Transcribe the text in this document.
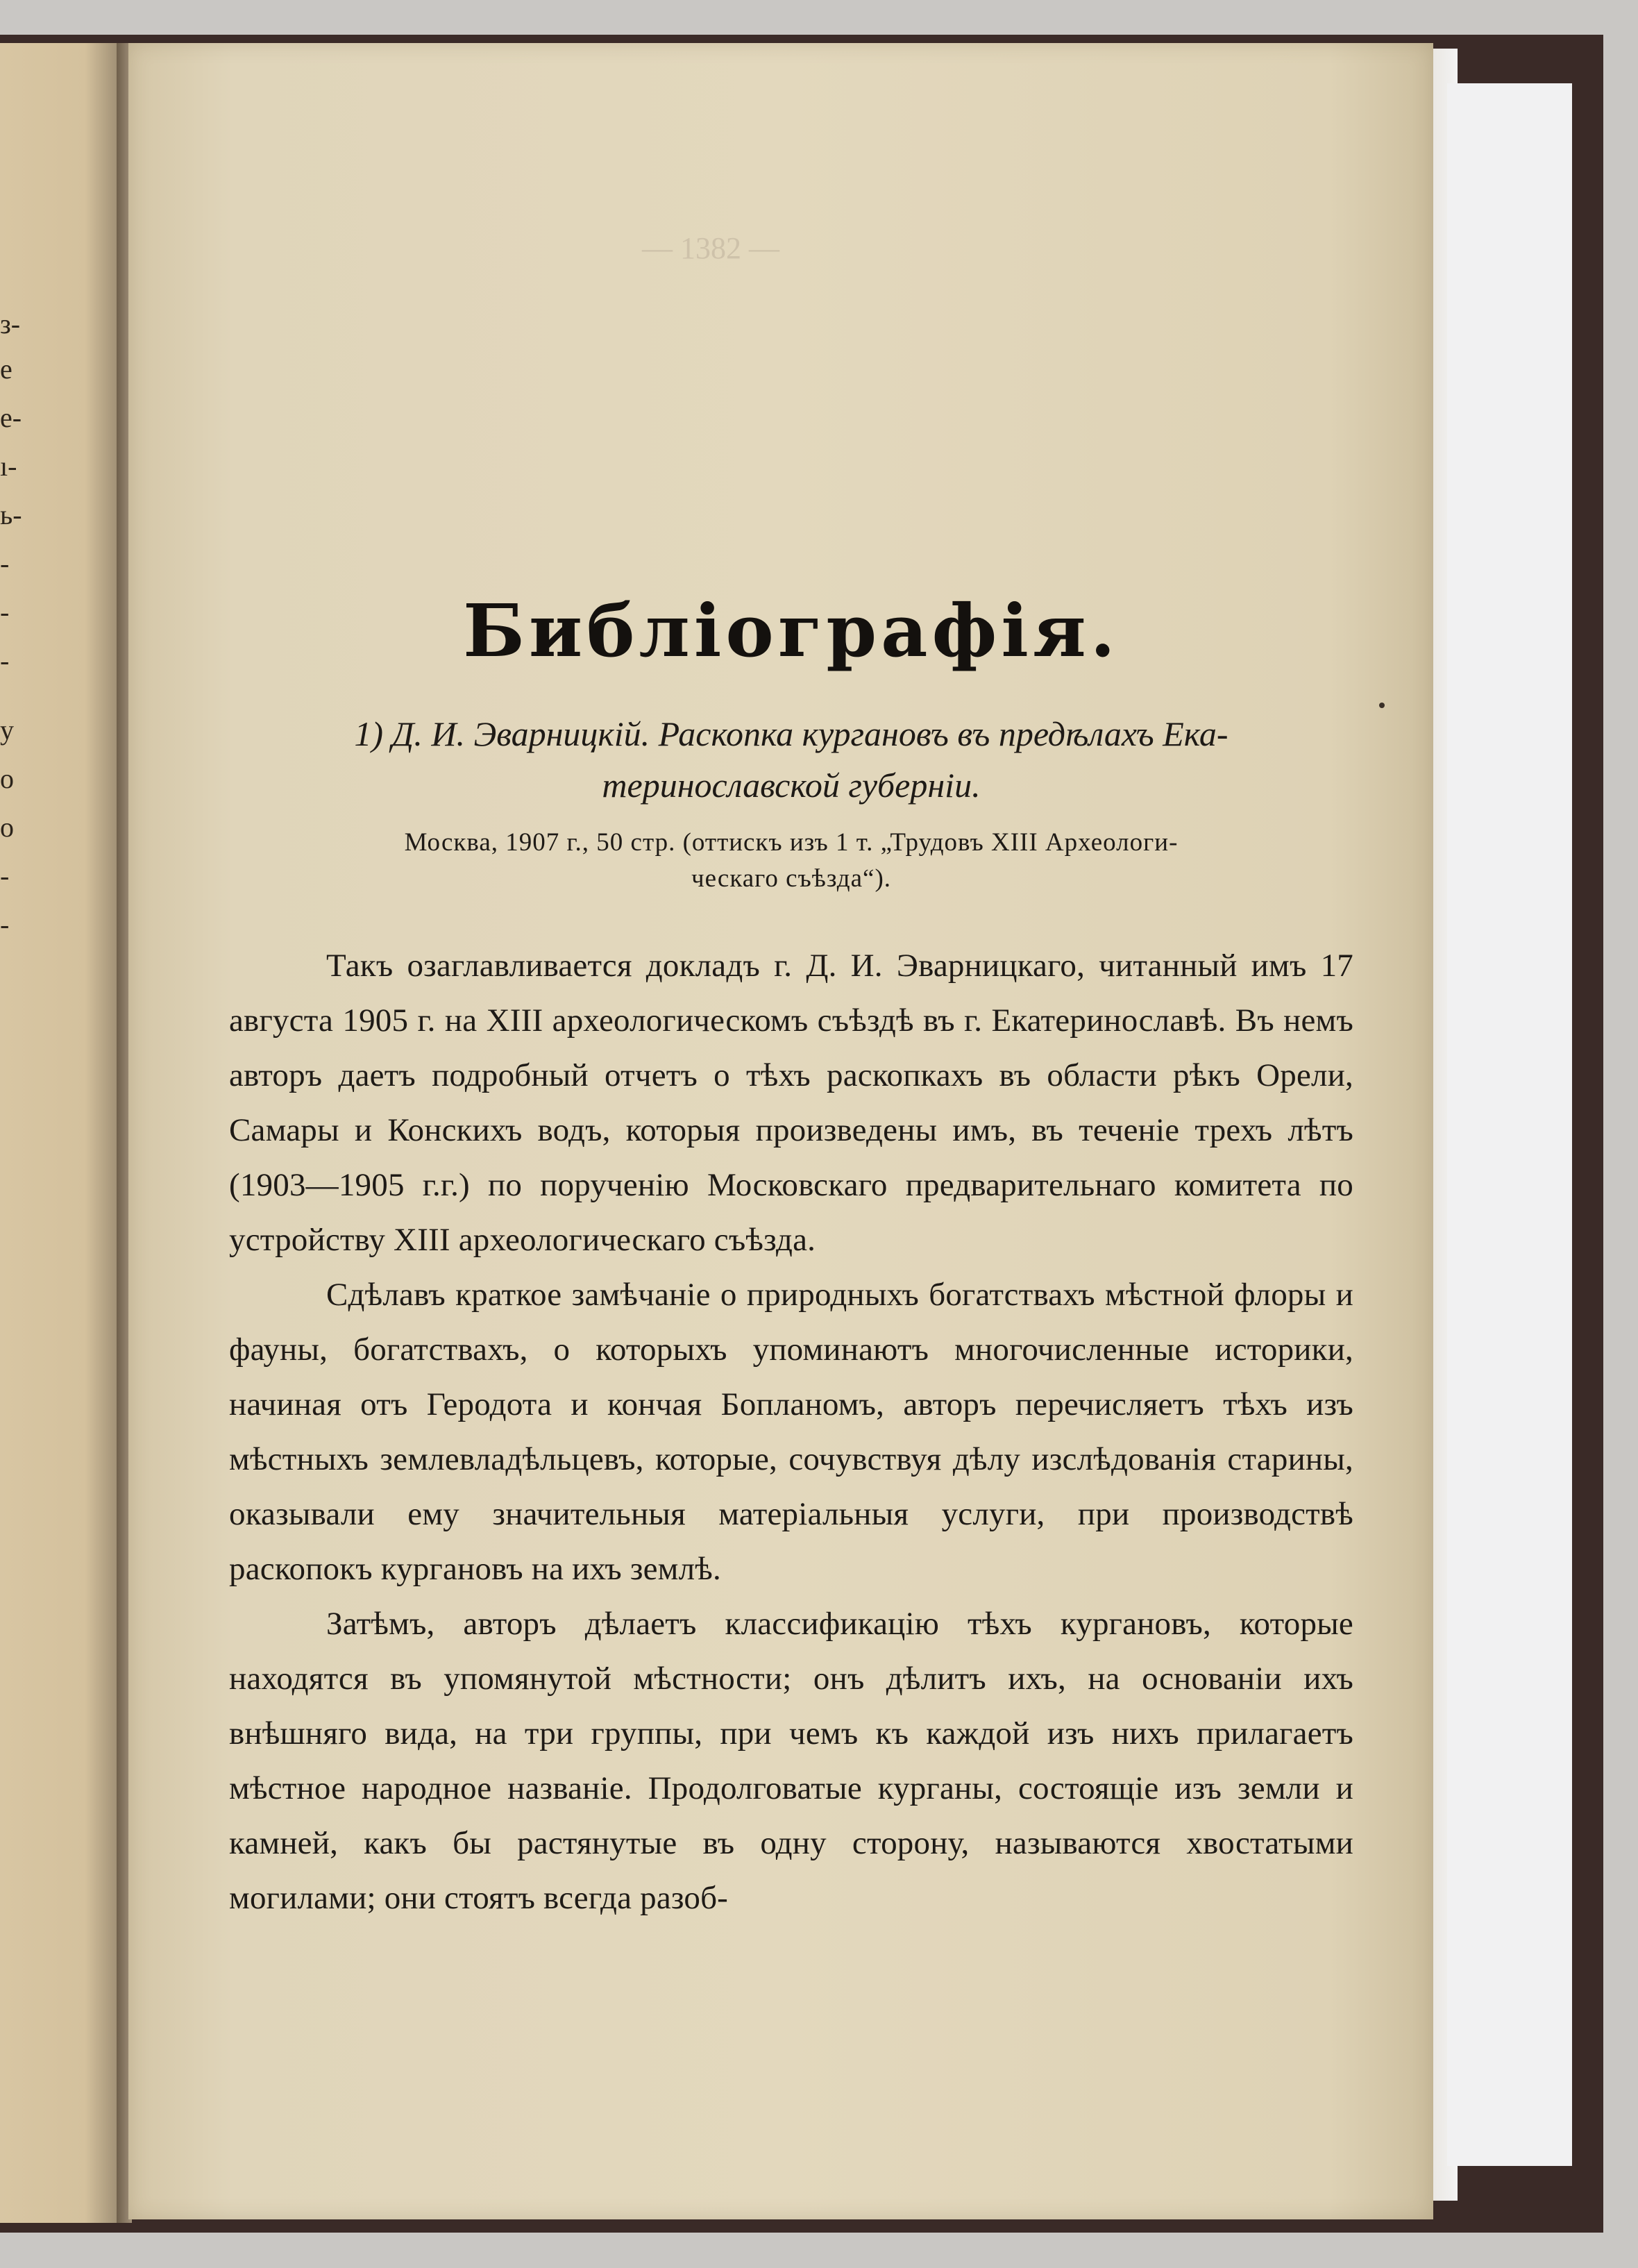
з-
е
е-
ı-
ь-
-
-
-
у
о
о
-
-
— 1382 —
Библіографія.
1) Д. И. Эварницкій. Раскопка кургановъ въ предѣлахъ Ека-
теринославской губерніи.
Москва, 1907 г., 50 стр. (оттискъ изъ 1 т. „Трудовъ XIII Археологи-
ческаго съѣзда“).

Такъ озаглавливается докладъ г. Д. И. Эварницкаго, читанный имъ 17 августа 1905 г. на XIII археологическомъ съѣздѣ въ г. Екатеринославѣ. Въ немъ авторъ даетъ подробный отчетъ о тѣхъ раскопкахъ въ области рѣкъ Орели, Самары и Конскихъ водъ, которыя произведены имъ, въ теченіе трехъ лѣтъ (1903—1905 г.г.) по порученію Московскаго предварительнаго комитета по устройству XIII археологическаго съѣзда.

Сдѣлавъ краткое замѣчаніе о природныхъ богатствахъ мѣстной флоры и фауны, богатствахъ, о которыхъ упоминаютъ многочисленные историки, начиная отъ Геродота и кончая Бопланомъ, авторъ перечисляетъ тѣхъ изъ мѣстныхъ землевладѣльцевъ, которые, сочувствуя дѣлу изслѣдованія старины, оказывали ему значительныя матеріальныя услуги, при производствѣ раскопокъ кургановъ на ихъ землѣ.

Затѣмъ, авторъ дѣлаетъ классификацію тѣхъ кургановъ, которые находятся въ упомянутой мѣстности; онъ дѣлитъ ихъ, на основаніи ихъ внѣшняго вида, на три группы, при чемъ къ каждой изъ нихъ прилагаетъ мѣстное народное названіе. Продолговатые курганы, состоящіе изъ земли и камней, какъ бы растянутые въ одну сторону, называются хвостатыми могилами; они стоятъ всегда разоб-
